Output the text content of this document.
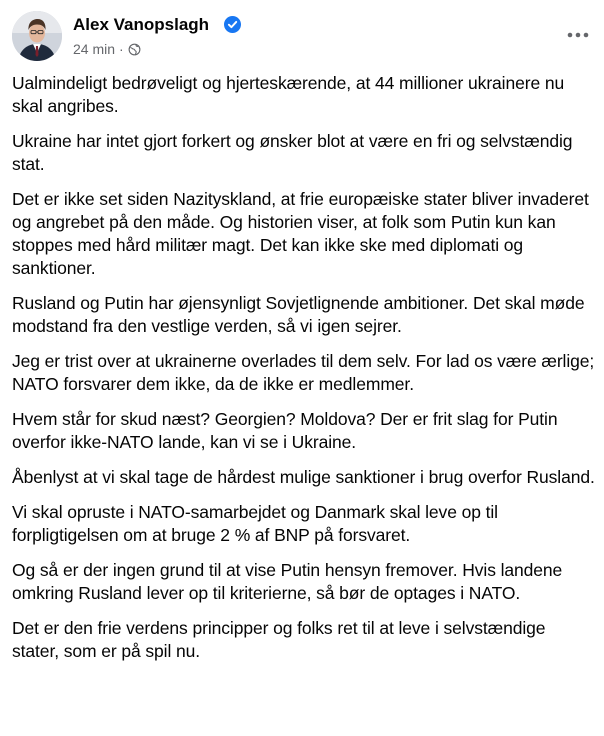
Alex Vanopslagh
24 min ·

Ualmindeligt bedrøveligt og hjerteskærende, at 44 millioner ukrainere nu skal angribes.

Ukraine har intet gjort forkert og ønsker blot at være en fri og selvstændig stat.

Det er ikke set siden Nazityskland, at frie europæiske stater bliver invaderet og angrebet på den måde. Og historien viser, at folk som Putin kun kan stoppes med hård militær magt. Det kan ikke ske med diplomati og sanktioner.

Rusland og Putin har øjensynligt Sovjetlignende ambitioner. Det skal møde modstand fra den vestlige verden, så vi igen sejrer.

Jeg er trist over at ukrainerne overlades til dem selv. For lad os være ærlige; NATO forsvarer dem ikke, da de ikke er medlemmer.

Hvem står for skud næst? Georgien? Moldova? Der er frit slag for Putin overfor ikke-NATO lande, kan vi se i Ukraine.

Åbenlyst at vi skal tage de hårdest mulige sanktioner i brug overfor Rusland.

Vi skal opruste i NATO-samarbejdet og Danmark skal leve op til forpligtigelsen om at bruge 2 % af BNP på forsvaret.

Og så er der ingen grund til at vise Putin hensyn fremover. Hvis landene omkring Rusland lever op til kriterierne, så bør de optages i NATO.

Det er den frie verdens principper og folks ret til at leve i selvstændige stater, som er på spil nu.
